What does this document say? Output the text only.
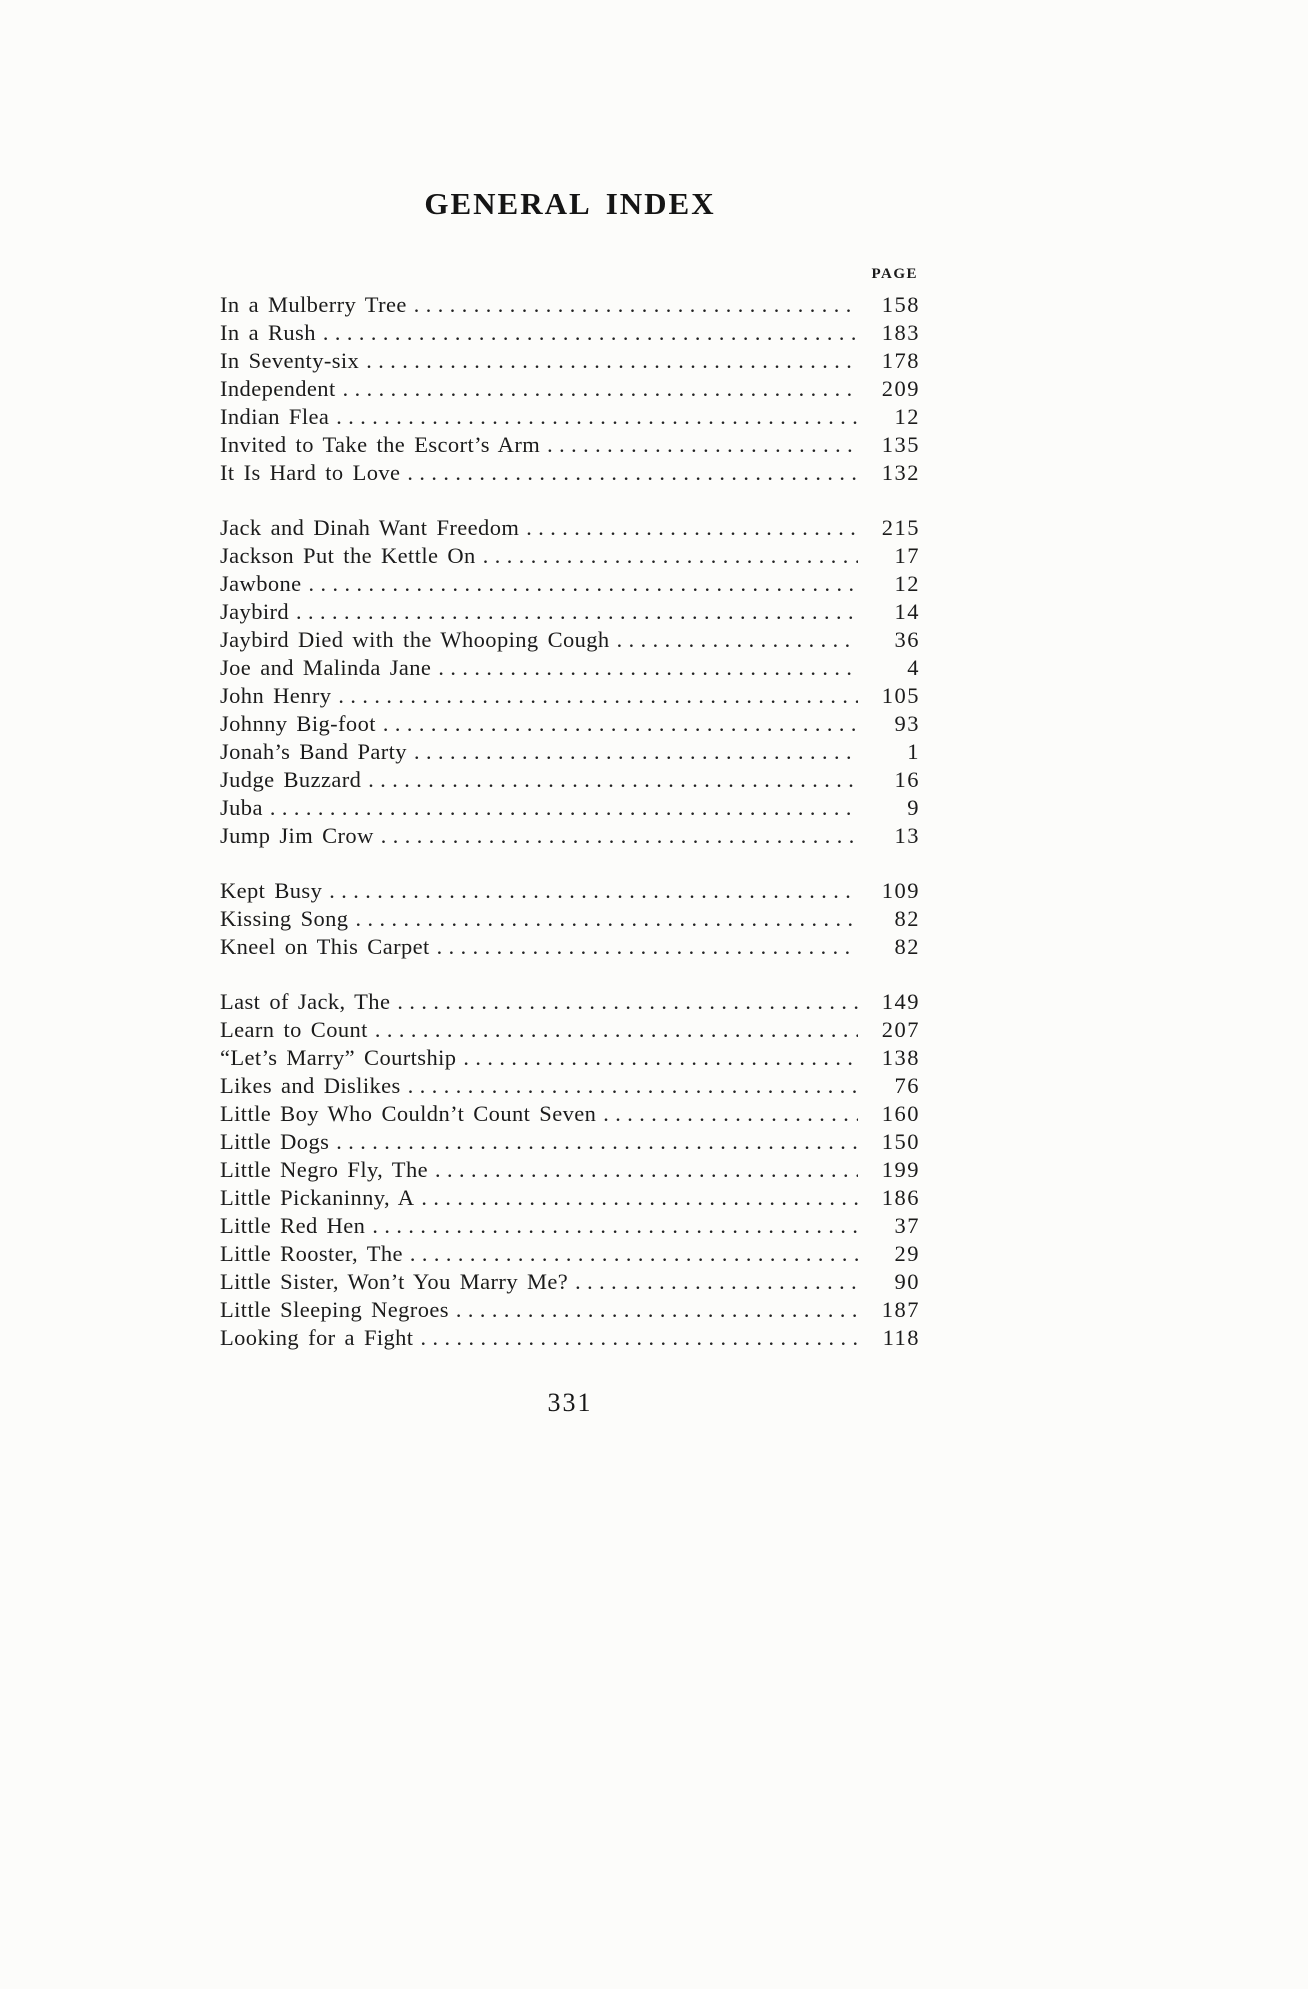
GENERAL INDEX
PAGE
In a Mulberry Tree .....	158
In a Rush .....	183
In Seventy-six .....	178
Independent .....	209
Indian Flea .....	12
Invited to Take the Escort’s Arm .....	135
It Is Hard to Love .....	132
Jack and Dinah Want Freedom .....	215
Jackson Put the Kettle On .....	17
Jawbone .....	12
Jaybird .....	14
Jaybird Died with the Whooping Cough .....	36
Joe and Malinda Jane .....	4
John Henry .....	105
Johnny Big-foot .....	93
Jonah’s Band Party .....	1
Judge Buzzard .....	16
Juba .....	9
Jump Jim Crow .....	13
Kept Busy .....	109
Kissing Song .....	82
Kneel on This Carpet .....	82
Last of Jack, The .....	149
Learn to Count .....	207
“Let’s Marry” Courtship .....	138
Likes and Dislikes .....	76
Little Boy Who Couldn’t Count Seven .....	160
Little Dogs .....	150
Little Negro Fly, The .....	199
Little Pickaninny, A .....	186
Little Red Hen .....	37
Little Rooster, The .....	29
Little Sister, Won’t You Marry Me? .....	90
Little Sleeping Negroes .....	187
Looking for a Fight .....	118
331
